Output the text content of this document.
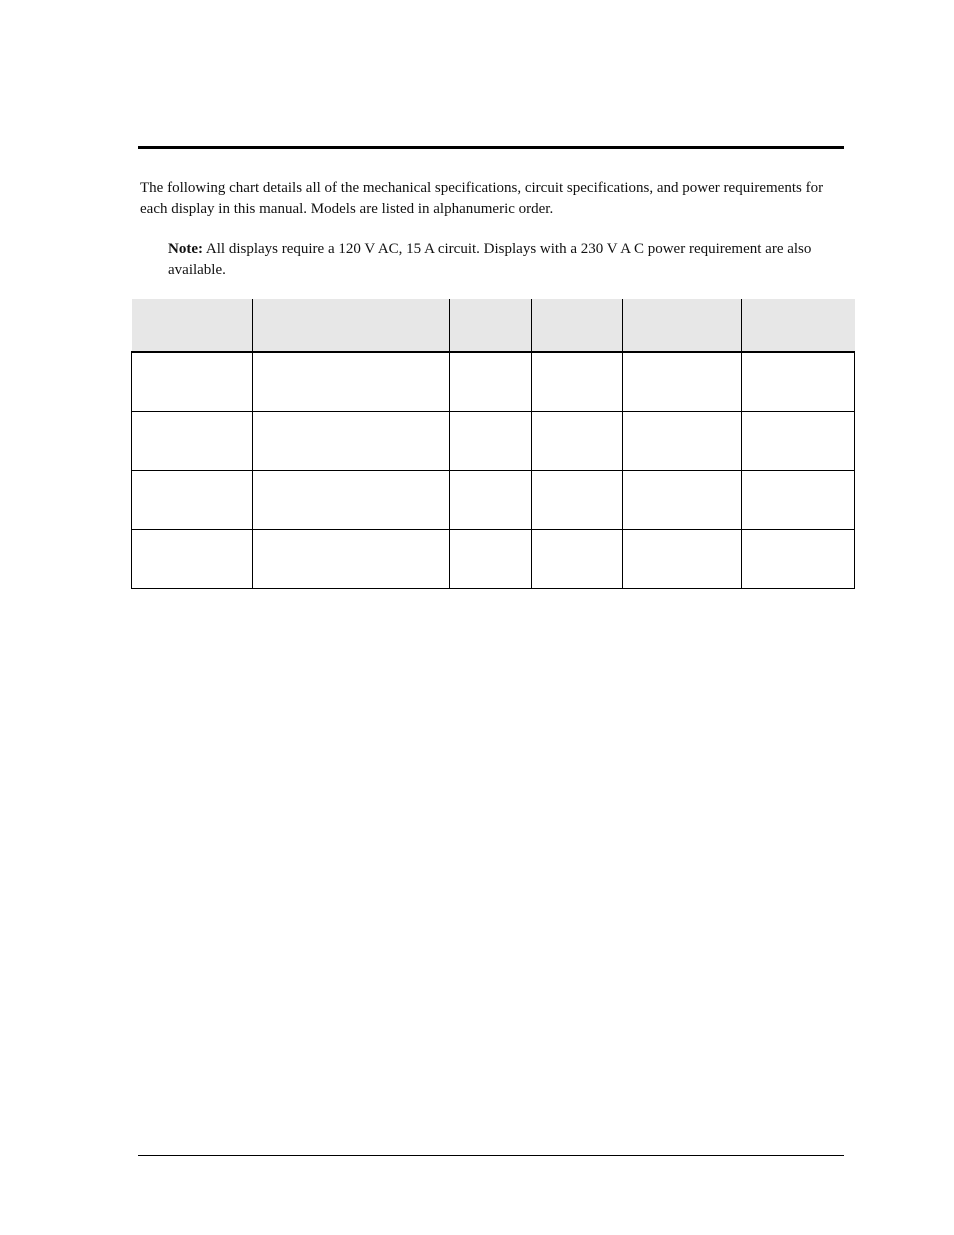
The following chart details all of the mechanical specifications, circuit specifications, and power requirements for each display in this manual. Models are listed in alphanumeric order.

Note: All displays require a 120 V AC, 15 A circuit. Displays with a 230 V A C power requirement are also available.
